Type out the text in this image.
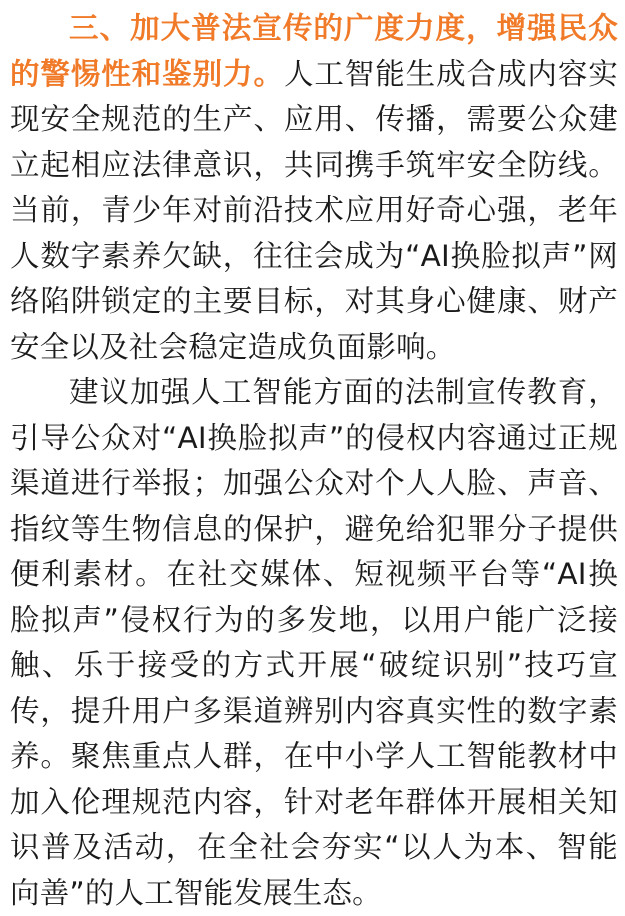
三、加大普法宣传的广度力度，增强民众的警惕性和鉴别力。人工智能生成合成内容实现安全规范的生产、应用、传播，需要公众建立起相应法律意识，共同携手筑牢安全防线。当前，青少年对前沿技术应用好奇心强，老年人数字素养欠缺，往往会成为“AI换脸拟声”网络陷阱锁定的主要目标，对其身心健康、财产安全以及社会稳定造成负面影响。

建议加强人工智能方面的法制宣传教育，引导公众对“AI换脸拟声”的侵权内容通过正规渠道进行举报；加强公众对个人人脸、声音、指纹等生物信息的保护，避免给犯罪分子提供便利素材。在社交媒体、短视频平台等“AI换脸拟声”侵权行为的多发地，以用户能广泛接触、乐于接受的方式开展“破绽识别”技巧宣传，提升用户多渠道辨别内容真实性的数字素养。聚焦重点人群，在中小学人工智能教材中加入伦理规范内容，针对老年群体开展相关知识普及活动，在全社会夯实“以人为本、智能向善”的人工智能发展生态。
